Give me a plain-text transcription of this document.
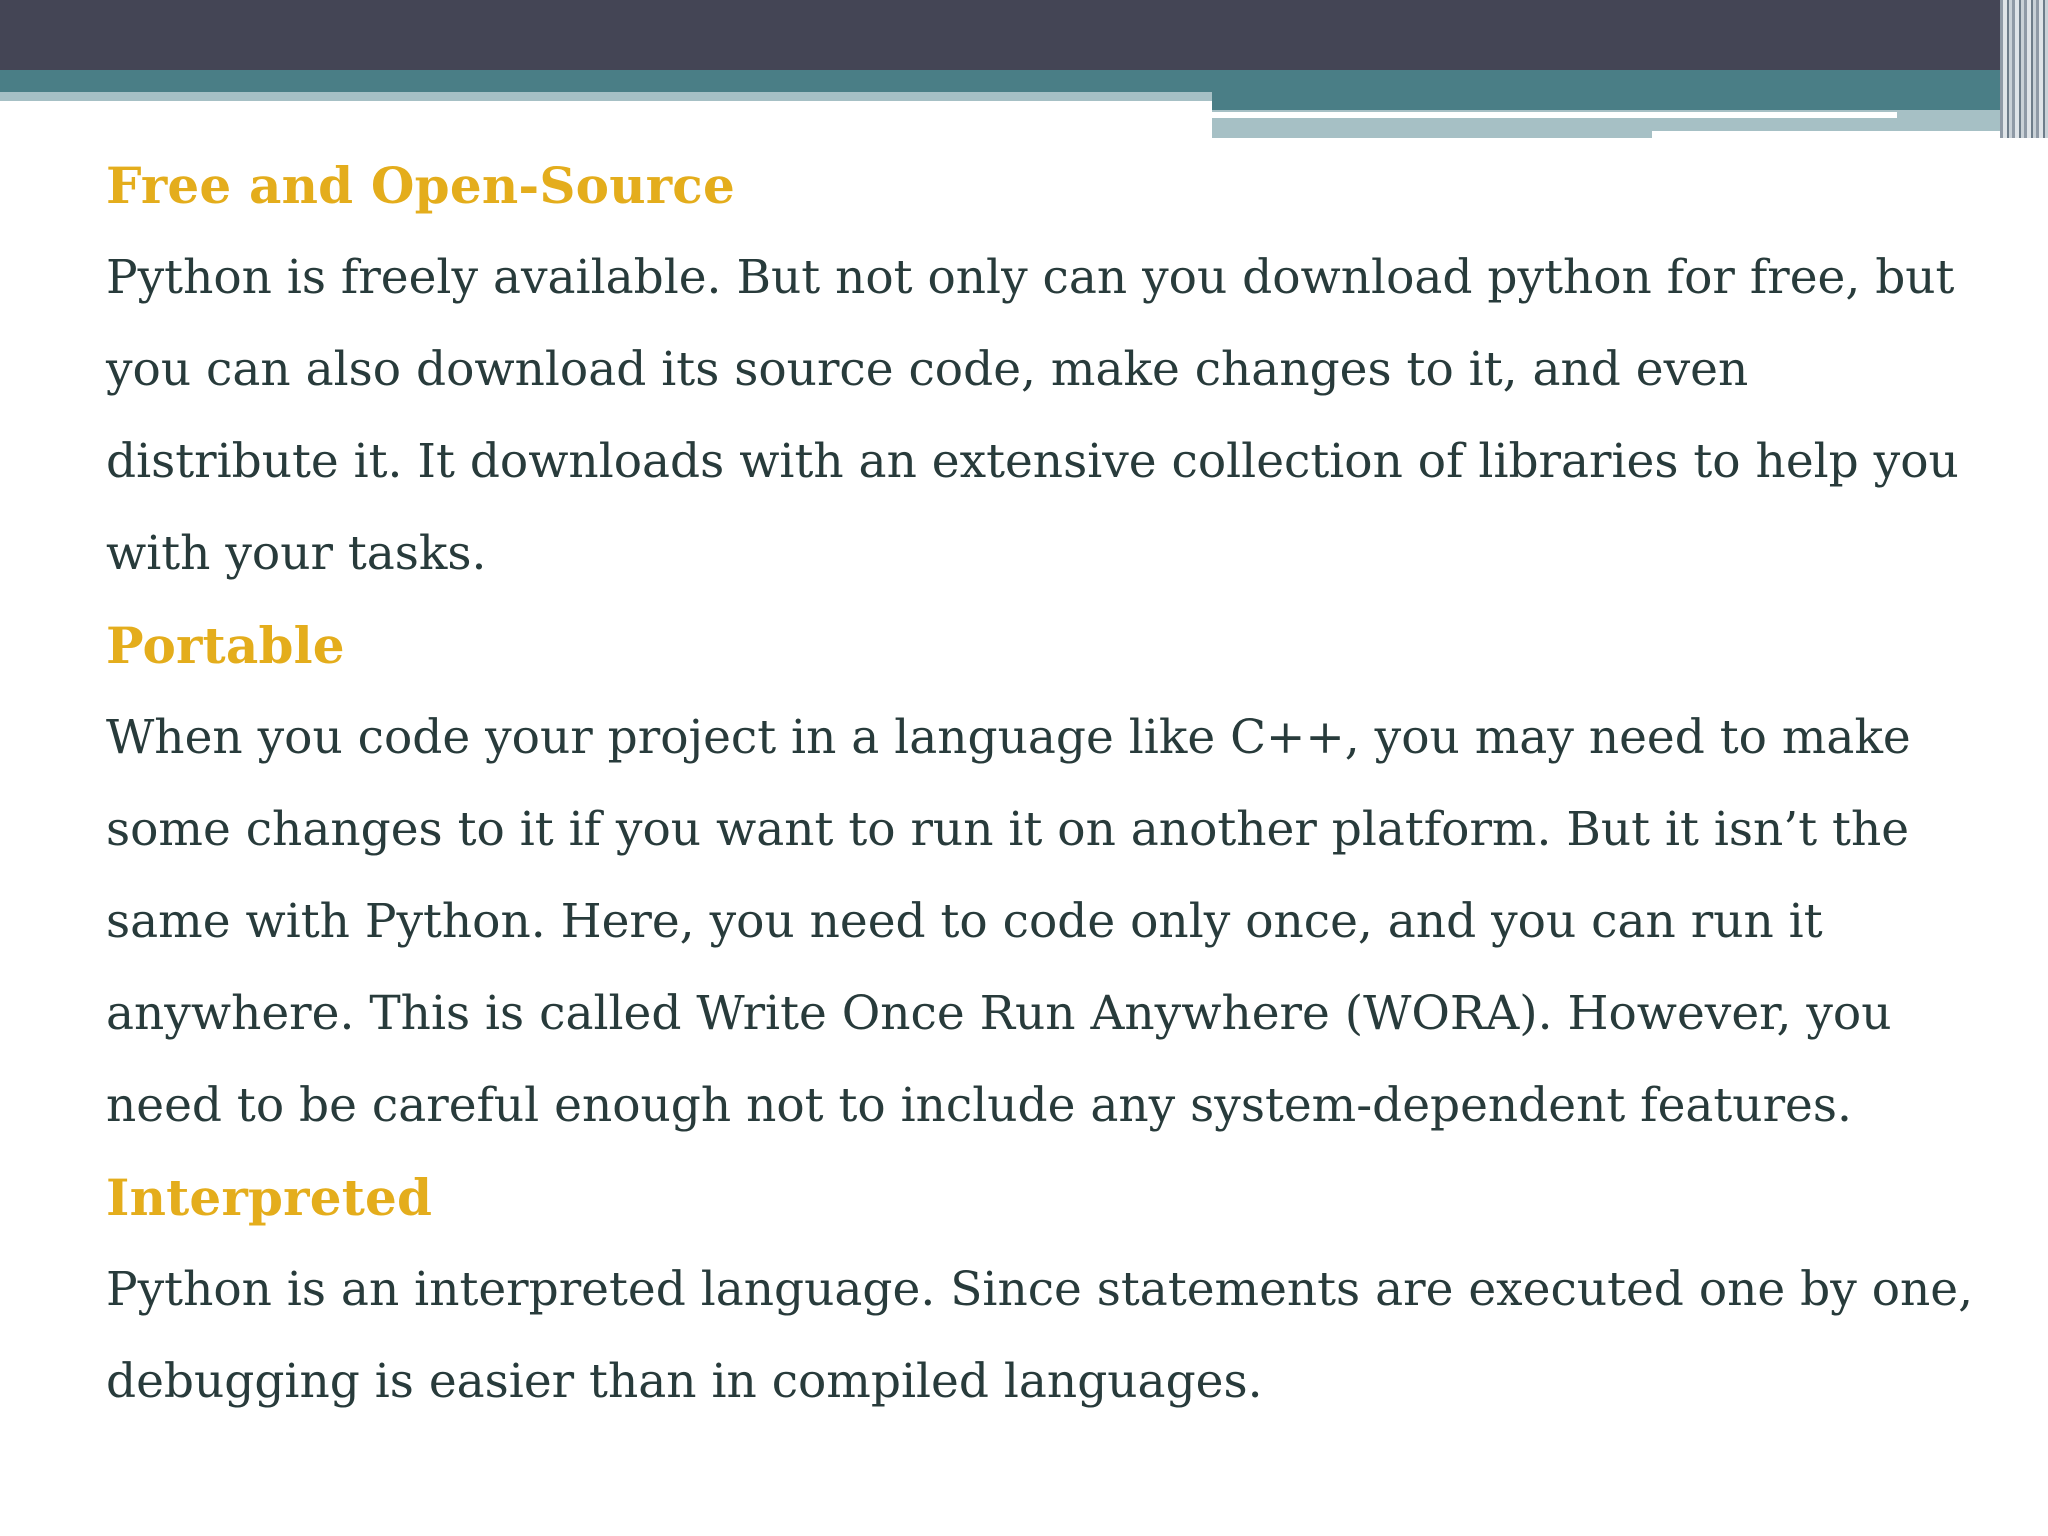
Free and Open-Source

Python is freely available. But not only can you download python for free, but
you can also download its source code, make changes to it, and even
distribute it. It downloads with an extensive collection of libraries to help you
with your tasks.

Portable

When you code your project in a language like C++, you may need to make
some changes to it if you want to run it on another platform. But it isn’t the
same with Python. Here, you need to code only once, and you can run it
anywhere. This is called Write Once Run Anywhere (WORA). However, you
need to be careful enough not to include any system-dependent features.

Interpreted

Python is an interpreted language. Since statements are executed one by one,
debugging is easier than in compiled languages.
